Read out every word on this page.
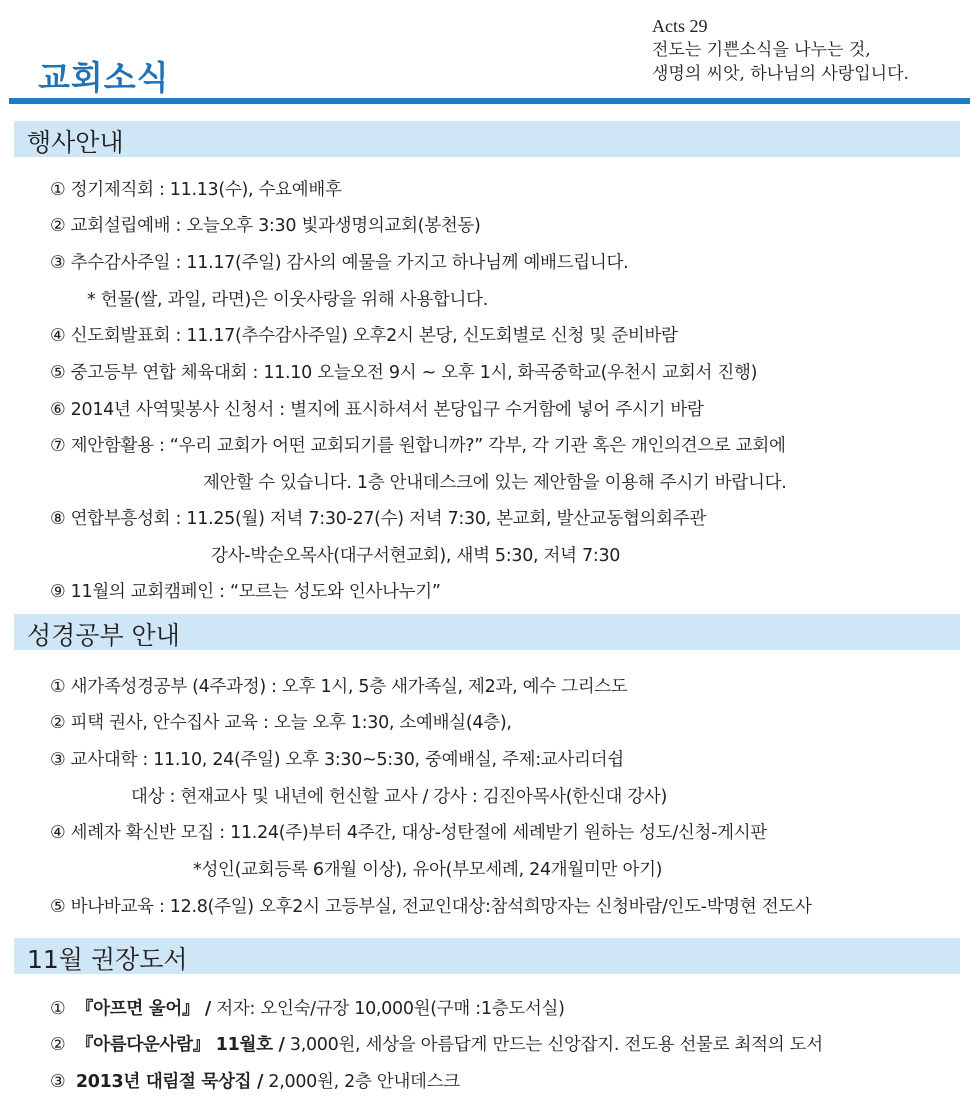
교회소식
Acts 29
전도는 기쁜소식을 나누는 것,
생명의 씨앗, 하나님의 사랑입니다.
행사안내
① 정기제직회 : 11.13(수), 수요예배후
② 교회설립예배 : 오늘오후 3:30 빛과생명의교회(봉천동)
③ 추수감사주일 : 11.17(주일) 감사의 예물을 가지고 하나님께 예배드립니다.
* 헌물(쌀, 과일, 라면)은 이웃사랑을 위해 사용합니다.
④ 신도회발표회 : 11.17(추수감사주일) 오후2시 본당, 신도회별로 신청 및 준비바람
⑤ 중고등부 연합 체육대회 : 11.10 오늘오전 9시 ~ 오후 1시, 화곡중학교(우천시 교회서 진행)
⑥ 2014년 사역및봉사 신청서 : 별지에 표시하셔서 본당입구 수거함에 넣어 주시기 바람
⑦ 제안함활용 : “우리 교회가 어떤 교회되기를 원합니까?” 각부, 각 기관 혹은 개인의견으로 교회에
제안할 수 있습니다. 1층 안내데스크에 있는 제안함을 이용해 주시기 바랍니다.
⑧ 연합부흥성회 : 11.25(월) 저녁 7:30-27(수) 저녁 7:30, 본교회, 발산교동협의회주관
강사-박순오목사(대구서현교회), 새벽 5:30, 저녁 7:30
⑨ 11월의 교회캠페인 : “모르는 성도와 인사나누기”
성경공부 안내
① 새가족성경공부 (4주과정) : 오후 1시, 5층 새가족실, 제2과, 예수 그리스도
② 피택 권사, 안수집사 교육 : 오늘 오후 1:30, 소예배실(4층),
③ 교사대학 : 11.10, 24(주일) 오후 3:30~5:30, 중예배실, 주제:교사리더쉽
대상 : 현재교사 및 내년에 헌신할 교사 / 강사 : 김진아목사(한신대 강사)
④ 세례자 확신반 모집 : 11.24(주)부터 4주간, 대상-성탄절에 세례받기 원하는 성도/신청-게시판
*성인(교회등록 6개월 이상), 유아(부모세례, 24개월미만 아기)
⑤ 바나바교육 : 12.8(주일) 오후2시 고등부실, 전교인대상:참석희망자는 신청바람/인도-박명현 전도사
11월 권장도서
① 『아프면 울어』 / 저자: 오인숙/규장 10,000원(구매 :1층도서실)
② 『아름다운사람』 11월호 / 3,000원, 세상을 아름답게 만드는 신앙잡지. 전도용 선물로 최적의 도서
③ 2013년 대림절 묵상집 / 2,000원, 2층 안내데스크
